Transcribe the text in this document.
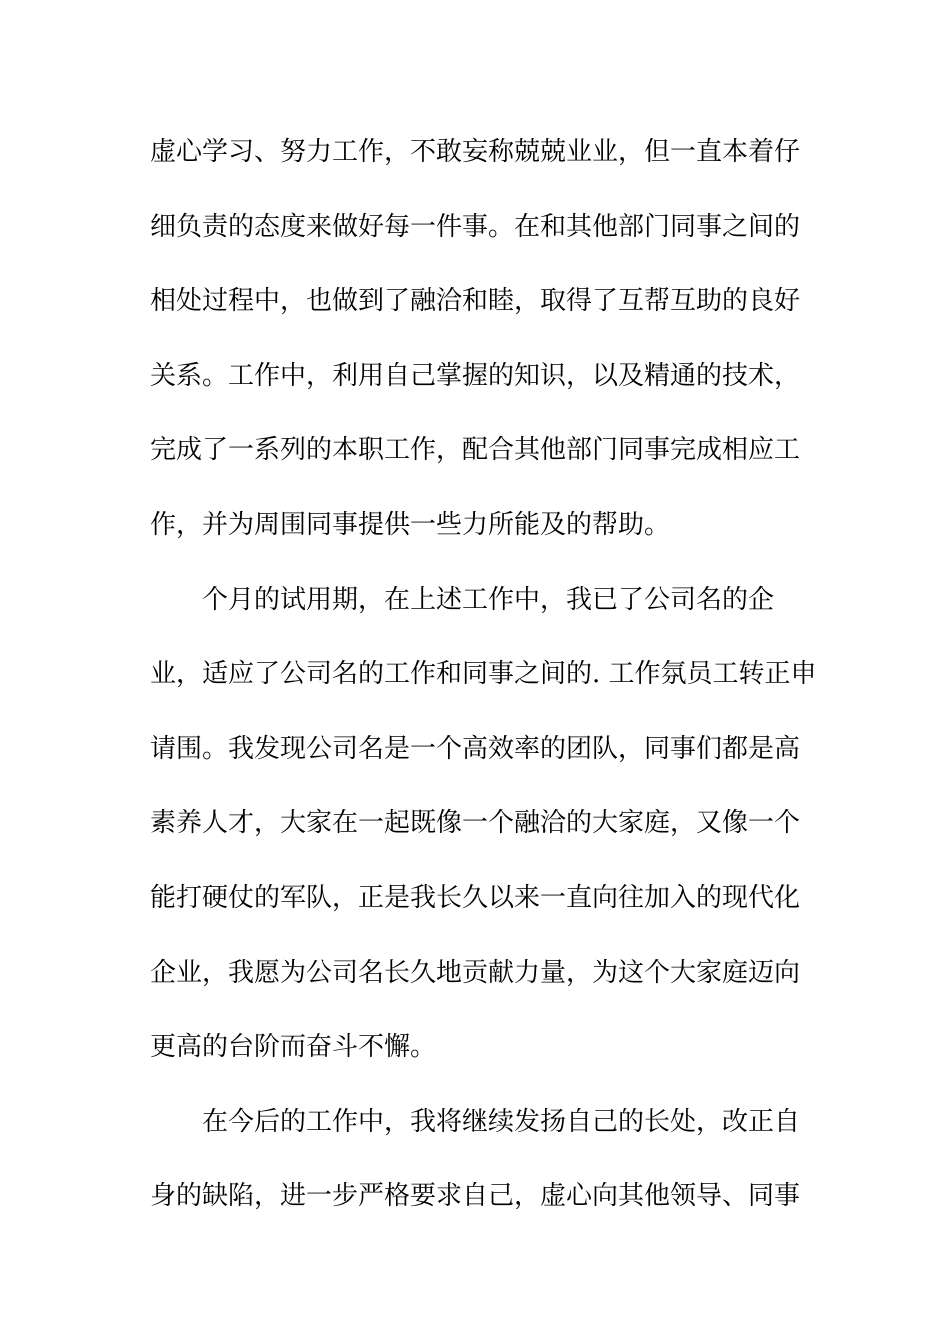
虚心学习、努力工作，不敢妄称兢兢业业，但一直本着仔
细负责的态度来做好每一件事。在和其他部门同事之间的
相处过程中，也做到了融洽和睦，取得了互帮互助的良好
关系。工作中，利用自己掌握的知识，以及精通的技术，
完成了一系列的本职工作，配合其他部门同事完成相应工
作，并为周围同事提供一些力所能及的帮助。
个月的试用期，在上述工作中，我已了公司名的企
业，适应了公司名的工作和同事之间的. 工作氛员工转正申
请围。我发现公司名是一个高效率的团队，同事们都是高
素养人才，大家在一起既像一个融洽的大家庭，又像一个
能打硬仗的军队，正是我长久以来一直向往加入的现代化
企业，我愿为公司名长久地贡献力量，为这个大家庭迈向
更高的台阶而奋斗不懈。
在今后的工作中，我将继续发扬自己的长处，改正自
身的缺陷，进一步严格要求自己，虚心向其他领导、同事
